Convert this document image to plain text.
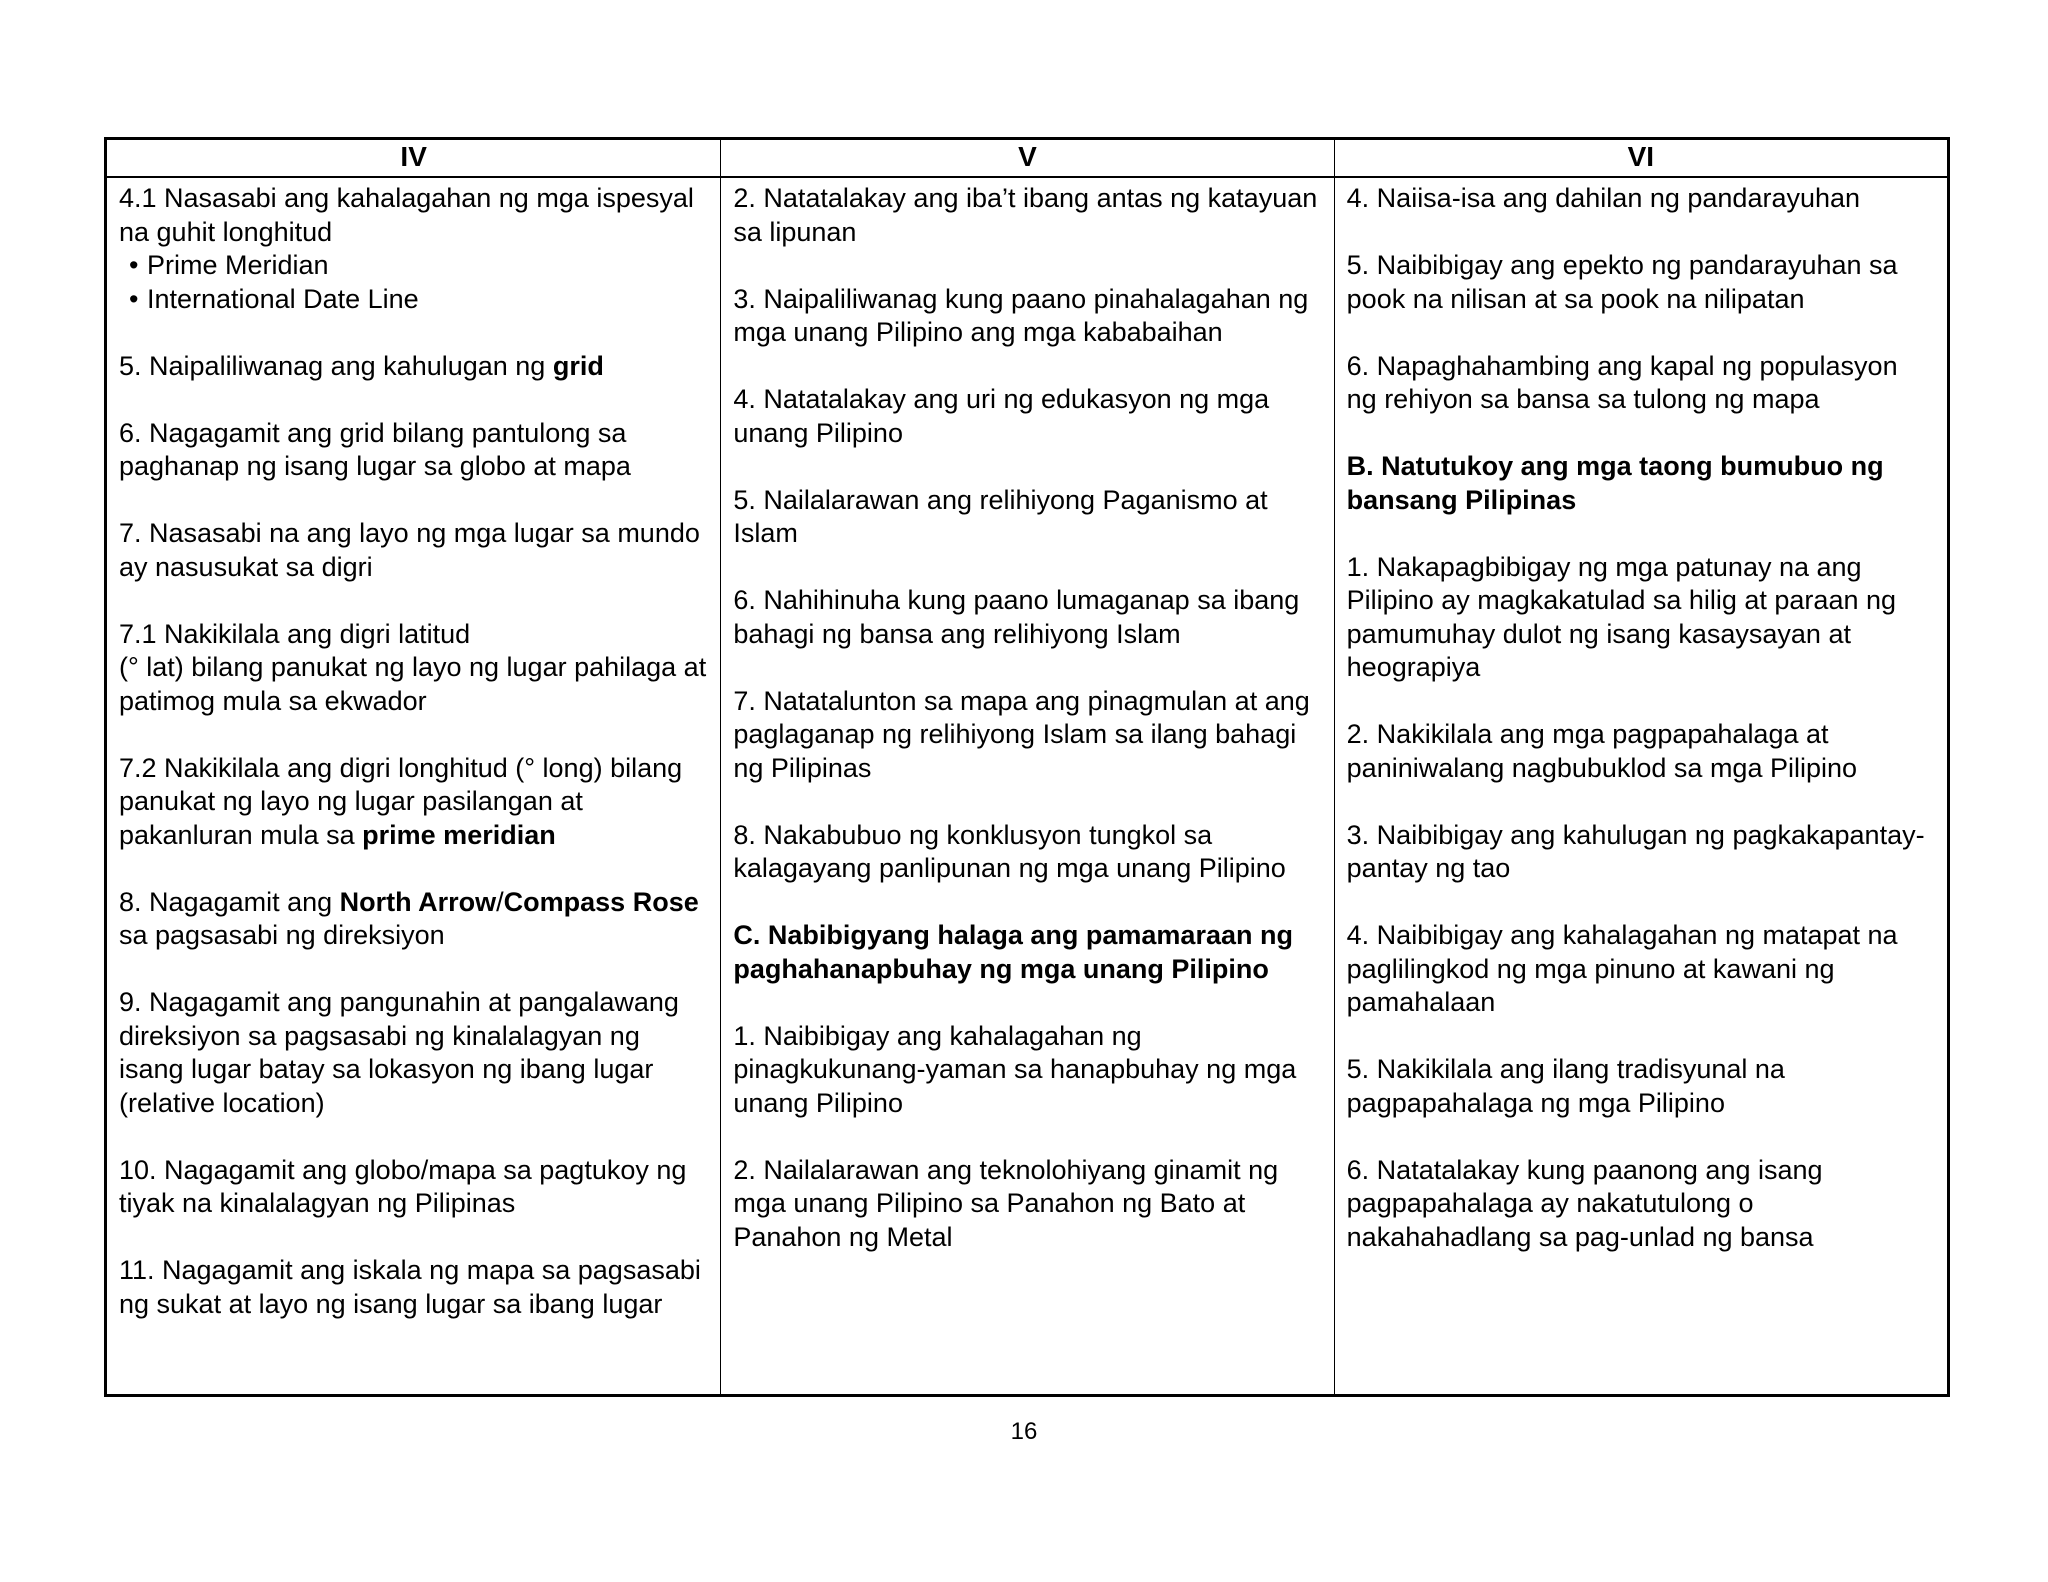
IV	V	VI
4.1 Nasasabi ang kahalagahan ng mga ispesyal na guhit longhitud
• Prime Meridian
• International Date Line
5. Naipaliliwanag ang kahulugan ng grid
6. Nagagamit ang grid bilang pantulong sa paghanap ng isang lugar sa globo at mapa
7. Nasasabi na ang layo ng mga lugar sa mundo ay nasusukat sa digri
7.1 Nakikilala ang digri latitud
(° lat) bilang panukat ng layo ng lugar pahilaga at patimog mula sa ekwador
7.2 Nakikilala ang digri longhitud (° long) bilang panukat ng layo ng lugar pasilangan at pakanluran mula sa prime meridian
8. Nagagamit ang North Arrow/Compass Rose sa pagsasabi ng direksiyon
9. Nagagamit ang pangunahin at pangalawang direksiyon sa pagsasabi ng kinalalagyan ng isang lugar batay sa lokasyon ng ibang lugar (relative location)
10. Nagagamit ang globo/mapa sa pagtukoy ng tiyak na kinalalagyan ng Pilipinas
11. Nagagamit ang iskala ng mapa sa pagsasabi ng sukat at layo ng isang lugar sa ibang lugar
2. Natatalakay ang iba’t ibang antas ng katayuan sa lipunan
3. Naipaliliwanag kung paano pinahalagahan ng mga unang Pilipino ang mga kababaihan
4. Natatalakay ang uri ng edukasyon ng mga unang Pilipino
5. Nailalarawan ang relihiyong Paganismo at Islam
6. Nahihinuha kung paano lumaganap sa ibang bahagi ng bansa ang relihiyong Islam
7. Natatalunton sa mapa ang pinagmulan at ang paglaganap ng relihiyong Islam sa ilang bahagi ng Pilipinas
8. Nakabubuo ng konklusyon tungkol sa kalagayang panlipunan ng mga unang Pilipino
C. Nabibigyang halaga ang pamamaraan ng paghahanapbuhay ng mga unang Pilipino
1. Naibibigay ang kahalagahan ng pinagkukunang-yaman sa hanapbuhay ng mga unang Pilipino
2. Nailalarawan ang teknolohiyang ginamit ng mga unang Pilipino sa Panahon ng Bato at Panahon ng Metal
4. Naiisa-isa ang dahilan ng pandarayuhan
5. Naibibigay ang epekto ng pandarayuhan sa pook na nilisan at sa pook na nilipatan
6. Napaghahambing ang kapal ng populasyon ng rehiyon sa bansa sa tulong ng mapa
B. Natutukoy ang mga taong bumubuo ng bansang Pilipinas
1. Nakapagbibigay ng mga patunay na ang Pilipino ay magkakatulad sa hilig at paraan ng pamumuhay dulot ng isang kasaysayan at heograpiya
2. Nakikilala ang mga pagpapahalaga at paniniwalang nagbubuklod sa mga Pilipino
3. Naibibigay ang kahulugan ng pagkakapantay-pantay ng tao
4. Naibibigay ang kahalagahan ng matapat na paglilingkod ng mga pinuno at kawani ng pamahalaan
5. Nakikilala ang ilang tradisyunal na pagpapahalaga ng mga Pilipino
6. Natatalakay kung paanong ang isang pagpapahalaga ay nakatutulong o nakahahadlang sa pag-unlad ng bansa
16
